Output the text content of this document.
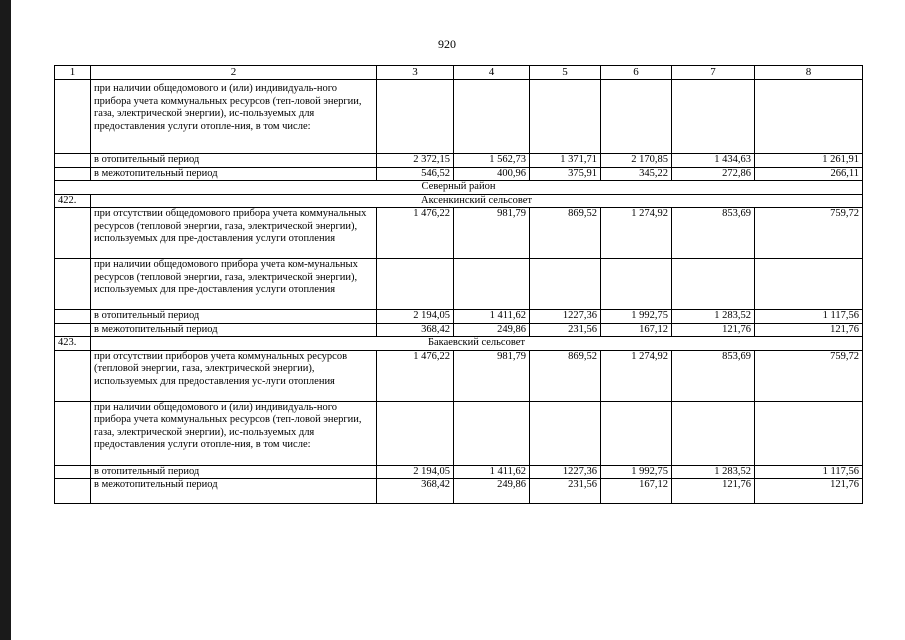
920
1	2	3	4	5	6	7	8
	при наличии общедомового и (или) индивидуаль-ного прибора учета коммунальных ресурсов (теп-ловой энергии, газа, электрической энергии), ис-пользуемых для предоставления услуги отопле-ния, в том числе:						
	в отопительный период	2 372,15	1 562,73	1 371,71	2 170,85	1 434,63	1 261,91
	в межотопительный период	546,52	400,96	375,91	345,22	272,86	266,11
Северный район							
422.	Аксенкинский сельсовет						
	при отсутствии общедомового прибора учета коммунальных ресурсов (тепловой энергии, газа, электрической энергии), используемых для пре-доставления услуги отопления	1 476,22	981,79	869,52	1 274,92	853,69	759,72
	при наличии общедомового прибора учета ком-мунальных ресурсов (тепловой энергии, газа, электрической энергии), используемых для пре-доставления услуги отопления						
	в отопительный период	2 194,05	1 411,62	1227,36	1 992,75	1 283,52	1 117,56
	в межотопительный период	368,42	249,86	231,56	167,12	121,76	121,76
423.	Бакаевский сельсовет						
	при отсутствии приборов учета коммунальных ресурсов (тепловой энергии, газа, электрической энергии), используемых для предоставления ус-луги отопления	1 476,22	981,79	869,52	1 274,92	853,69	759,72
	при наличии общедомового и (или) индивидуаль-ного прибора учета коммунальных ресурсов (теп-ловой энергии, газа, электрической энергии), ис-пользуемых для предоставления услуги отопле-ния, в том числе:						
	в отопительный период	2 194,05	1 411,62	1227,36	1 992,75	1 283,52	1 117,56
	в межотопительный период	368,42	249,86	231,56	167,12	121,76	121,76
